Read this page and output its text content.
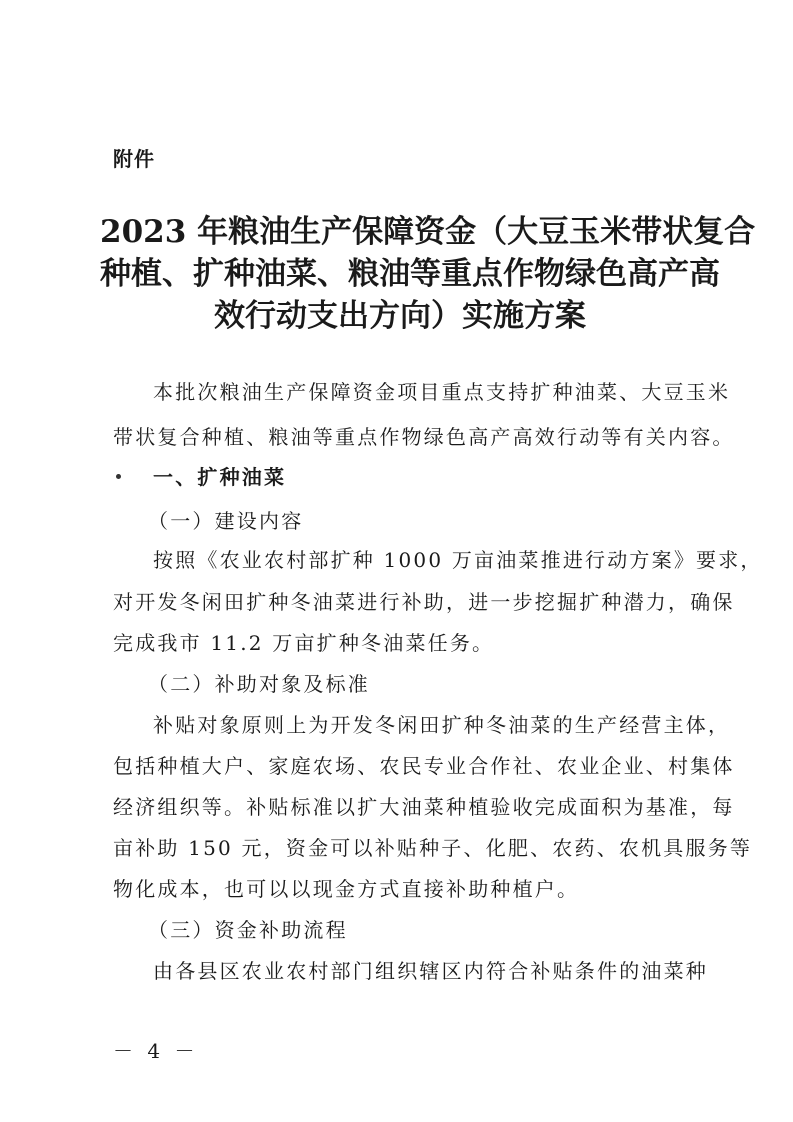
附件
2023 年粮油生产保障资金（大豆玉米带状复合
种植、扩种油菜、粮油等重点作物绿色高产高
效行动支出方向）实施方案
本批次粮油生产保障资金项目重点支持扩种油菜、大豆玉米
带状复合种植、粮油等重点作物绿色高产高效行动等有关内容。
一、扩种油菜
（一）建设内容
按照《农业农村部扩种 1000 万亩油菜推进行动方案》要求，
对开发冬闲田扩种冬油菜进行补助，进一步挖掘扩种潜力，确保
完成我市 11.2 万亩扩种冬油菜任务。
（二）补助对象及标准
补贴对象原则上为开发冬闲田扩种冬油菜的生产经营主体，
包括种植大户、家庭农场、农民专业合作社、农业企业、村集体
经济组织等。补贴标准以扩大油菜种植验收完成面积为基准，每
亩补助 150 元，资金可以补贴种子、化肥、农药、农机具服务等
物化成本，也可以以现金方式直接补助种植户。
（三）资金补助流程
由各县区农业农村部门组织辖区内符合补贴条件的油菜种
－ 4 －
